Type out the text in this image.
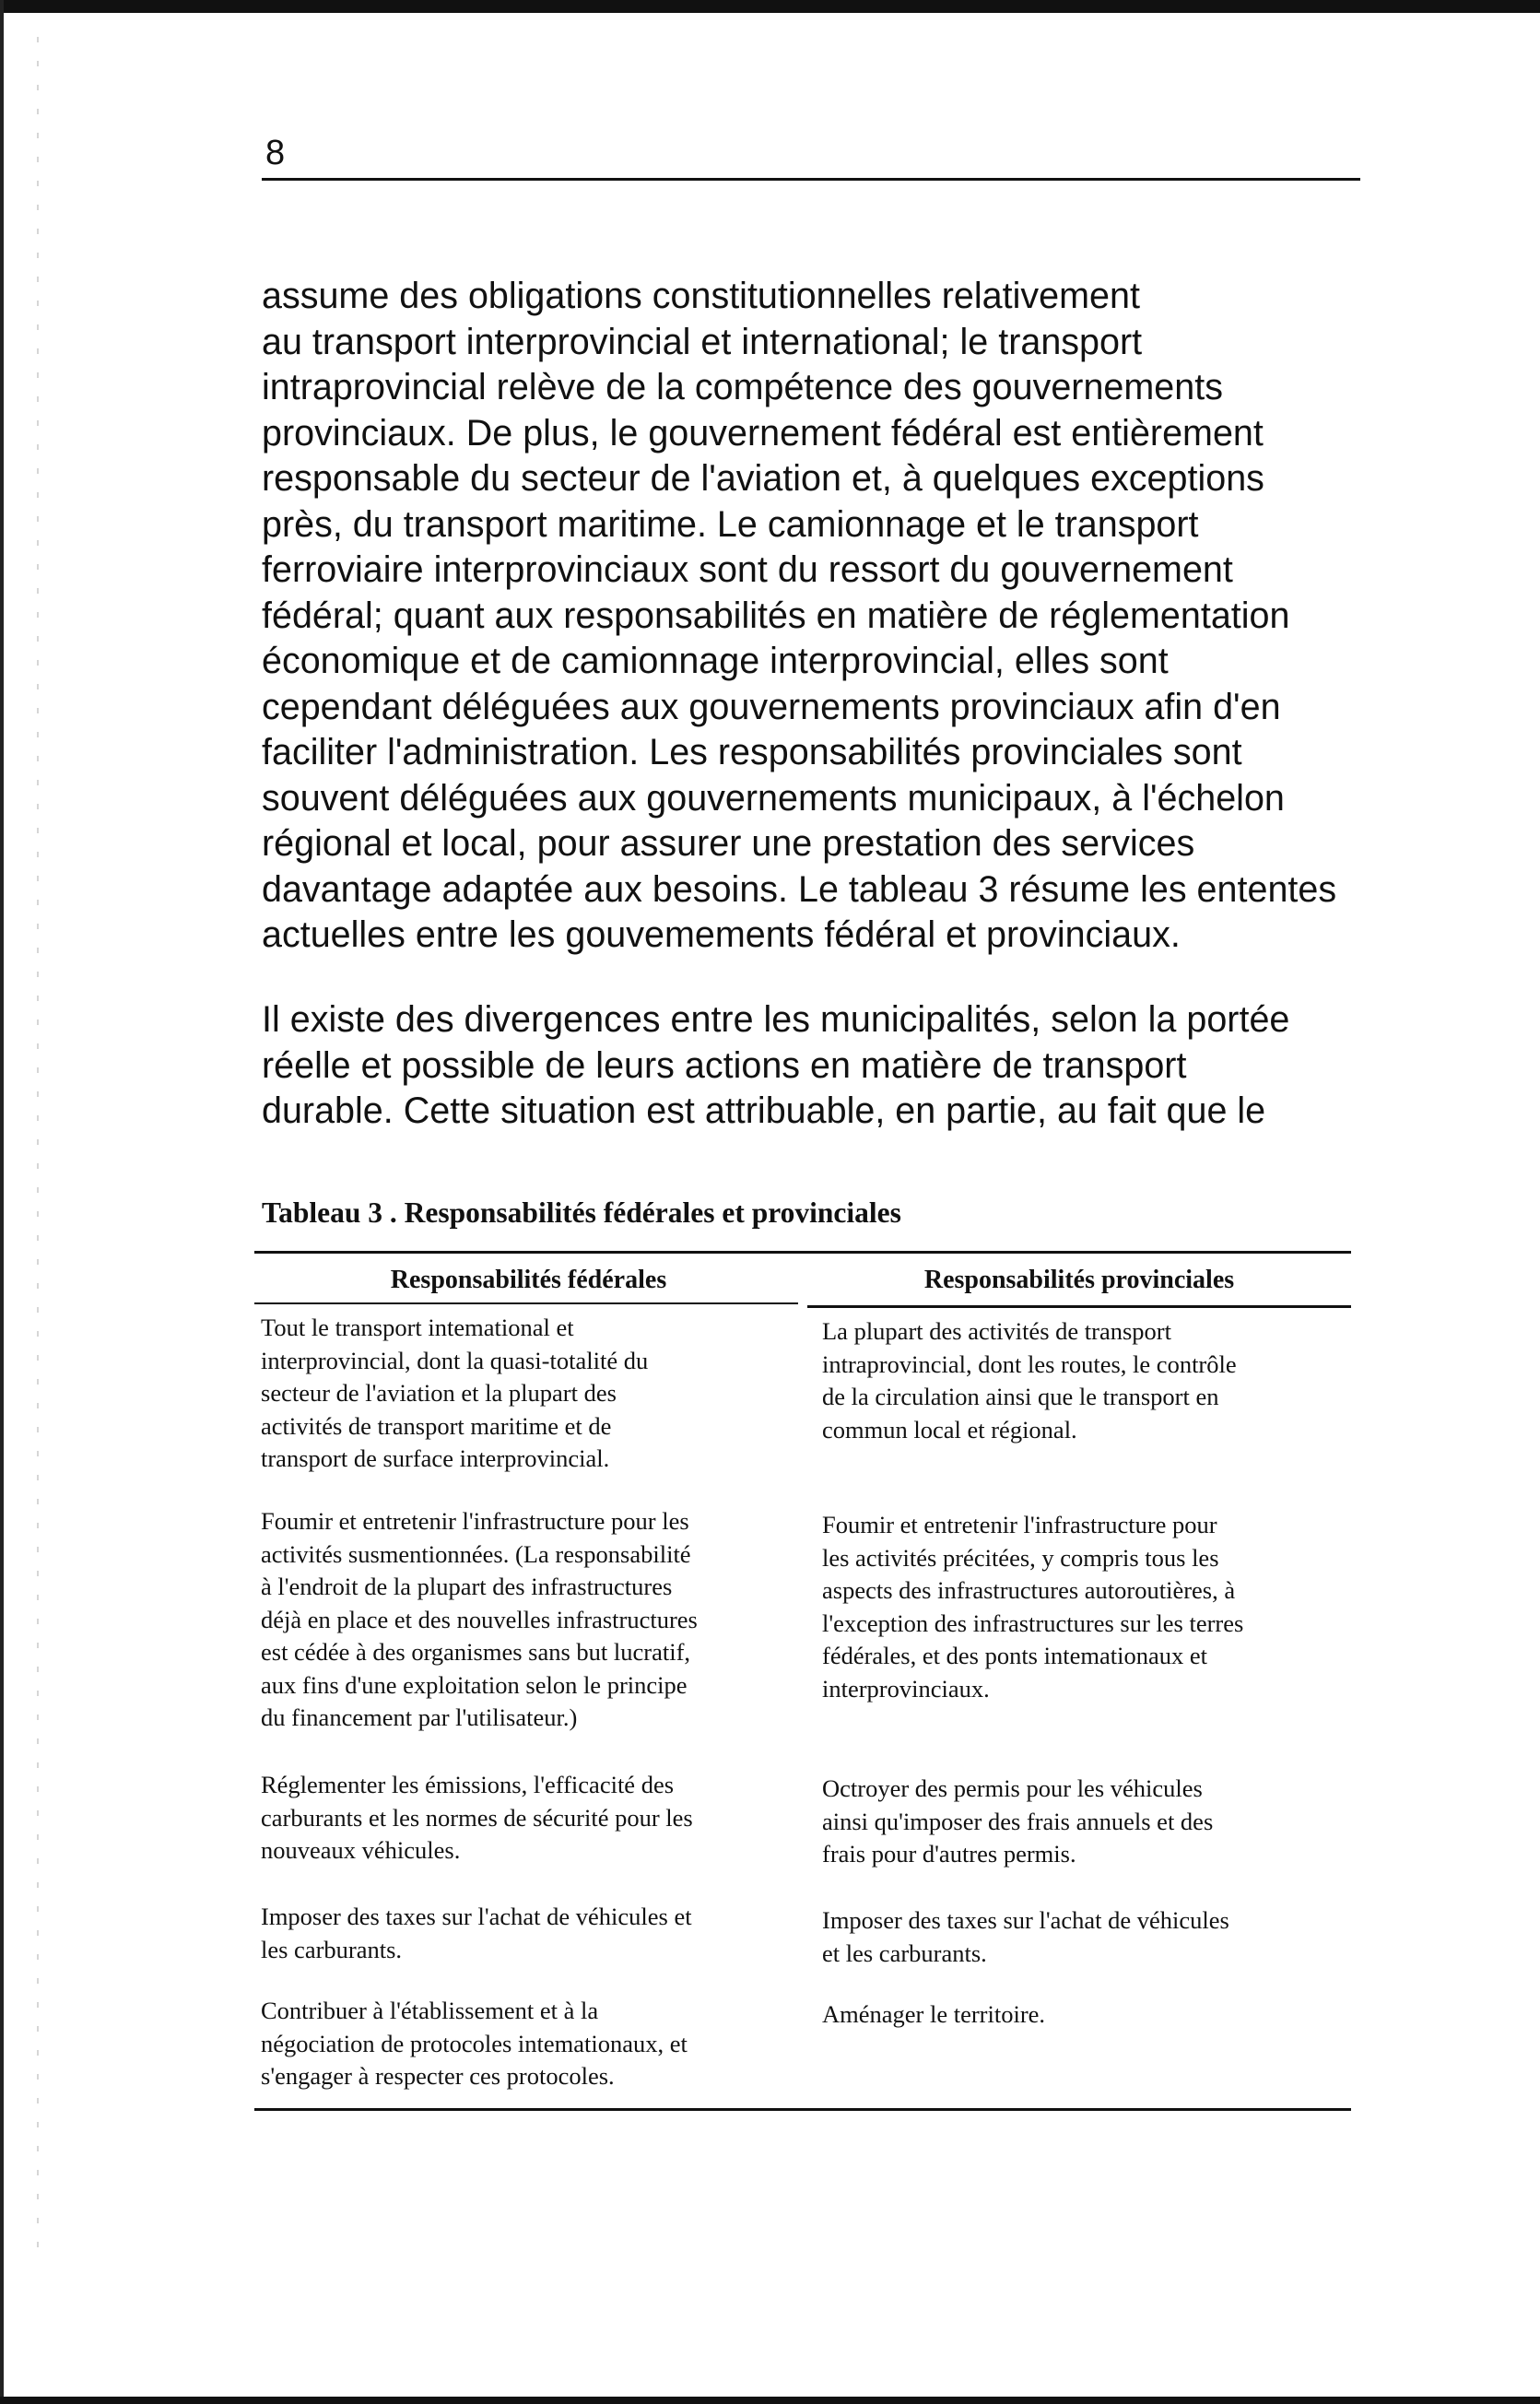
8

assume des obligations constitutionnelles relativement
au transport interprovincial et international; le transport
intraprovincial relève de la compétence des gouvernements
provinciaux. De plus, le gouvernement fédéral est entièrement
responsable du secteur de l'aviation et, à quelques exceptions
près, du transport maritime. Le camionnage et le transport
ferroviaire interprovinciaux sont du ressort du gouvernement
fédéral; quant aux responsabilités en matière de réglementation
économique et de camionnage interprovincial, elles sont
cependant déléguées aux gouvernements provinciaux afin d'en
faciliter l'administration. Les responsabilités provinciales sont
souvent déléguées aux gouvernements municipaux, à l'échelon
régional et local, pour assurer une prestation des services
davantage adaptée aux besoins. Le tableau 3 résume les ententes
actuelles entre les gouvemements fédéral et provinciaux.

Il existe des divergences entre les municipalités, selon la portée
réelle et possible de leurs actions en matière de transport
durable. Cette situation est attribuable, en partie, au fait que le

Tableau 3 . Responsabilités fédérales et provinciales
Responsabilités fédérales	Responsabilités provinciales
Tout le transport intemational et
interprovincial, dont la quasi-totalité du
secteur de l'aviation et la plupart des
activités de transport maritime et de
transport de surface interprovincial.
La plupart des activités de transport
intraprovincial, dont les routes, le contrôle
de la circulation ainsi que le transport en
commun local et régional.
Foumir et entretenir l'infrastructure pour les
activités susmentionnées. (La responsabilité
à l'endroit de la plupart des infrastructures
déjà en place et des nouvelles infrastructures
est cédée à des organismes sans but lucratif,
aux fins d'une exploitation selon le principe
du financement par l'utilisateur.)
Foumir et entretenir l'infrastructure pour
les activités précitées, y compris tous les
aspects des infrastructures autoroutières, à
l'exception des infrastructures sur les terres
fédérales, et des ponts intemationaux et
interprovinciaux.
Réglementer les émissions, l'efficacité des
carburants et les normes de sécurité pour les
nouveaux véhicules.
Octroyer des permis pour les véhicules
ainsi qu'imposer des frais annuels et des
frais pour d'autres permis.
Imposer des taxes sur l'achat de véhicules et
les carburants.
Imposer des taxes sur l'achat de véhicules
et les carburants.
Contribuer à l'établissement et à la
négociation de protocoles intemationaux, et
s'engager à respecter ces protocoles.
Aménager le territoire.
